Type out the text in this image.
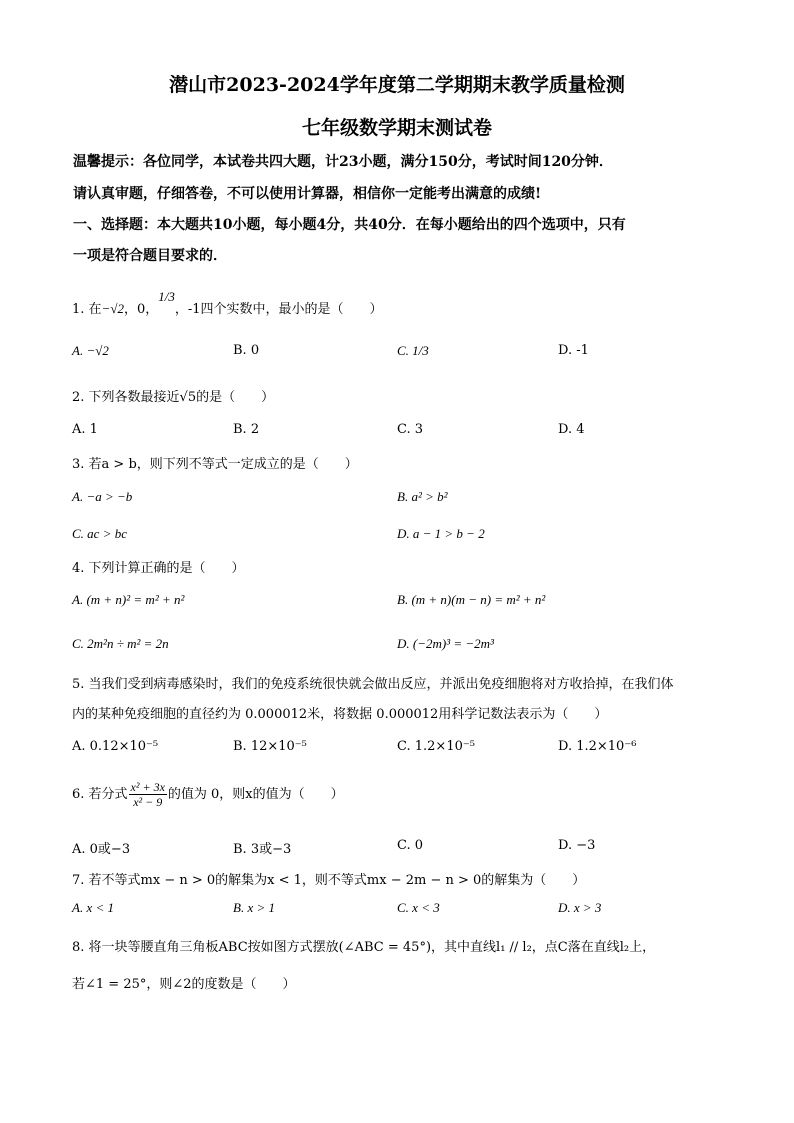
潜山市2023-2024学年度第二学期期末教学质量检测
七年级数学期末测试卷
温馨提示：各位同学，本试卷共四大题，计23小题，满分150分，考试时间120分钟．
请认真审题，仔细答卷，不可以使用计算器，相信你一定能考出满意的成绩!
一、选择题：本大题共10小题，每小题4分，共40分．在每小题给出的四个选项中，只有
一项是符合题目要求的．
1. 在−√2，0，1/3，-1四个实数中，最小的是（　　）
A. −√2	B. 0	C. 1/3	D. -1
2. 下列各数最接近√5的是（　　）
A. 1	B. 2	C. 3	D. 4
3. 若a > b，则下列不等式一定成立的是（　　）
A. −a > −b	B. a² > b²
C. ac > bc	D. a − 1 > b − 2
4. 下列计算正确的是（　　）
A. (m + n)² = m² + n²	B. (m + n)(m − n) = m² + n²
C. 2m²n ÷ m² = 2n	D. (−2m)³ = −2m³
5. 当我们受到病毒感染时，我们的免疫系统很快就会做出反应，并派出免疫细胞将对方收拾掉，在我们体
内的某种免疫细胞的直径约为 0.000012米，将数据 0.000012用科学记数法表示为（　　）
A. 0.12×10⁻⁵	B. 12×10⁻⁵	C. 1.2×10⁻⁵	D. 1.2×10⁻⁶
6. 若分式 $\frac{\text{x² + 3x}}{\text{x² − 9}}$ 的值为 0，则x的值为（　　）
A. 0或−3	B. 3或−3	C. 0	D. −3
7. 若不等式mx − n > 0的解集为x < 1，则不等式mx − 2m − n > 0的解集为（　　）
A. x < 1	B. x > 1	C. x < 3	D. x > 3
8. 将一块等腰直角三角板ABC按如图方式摆放(∠ABC = 45°)，其中直线l₁ // l₂，点C落在直线l₂上，
若∠1 = 25°，则∠2的度数是（　　）
